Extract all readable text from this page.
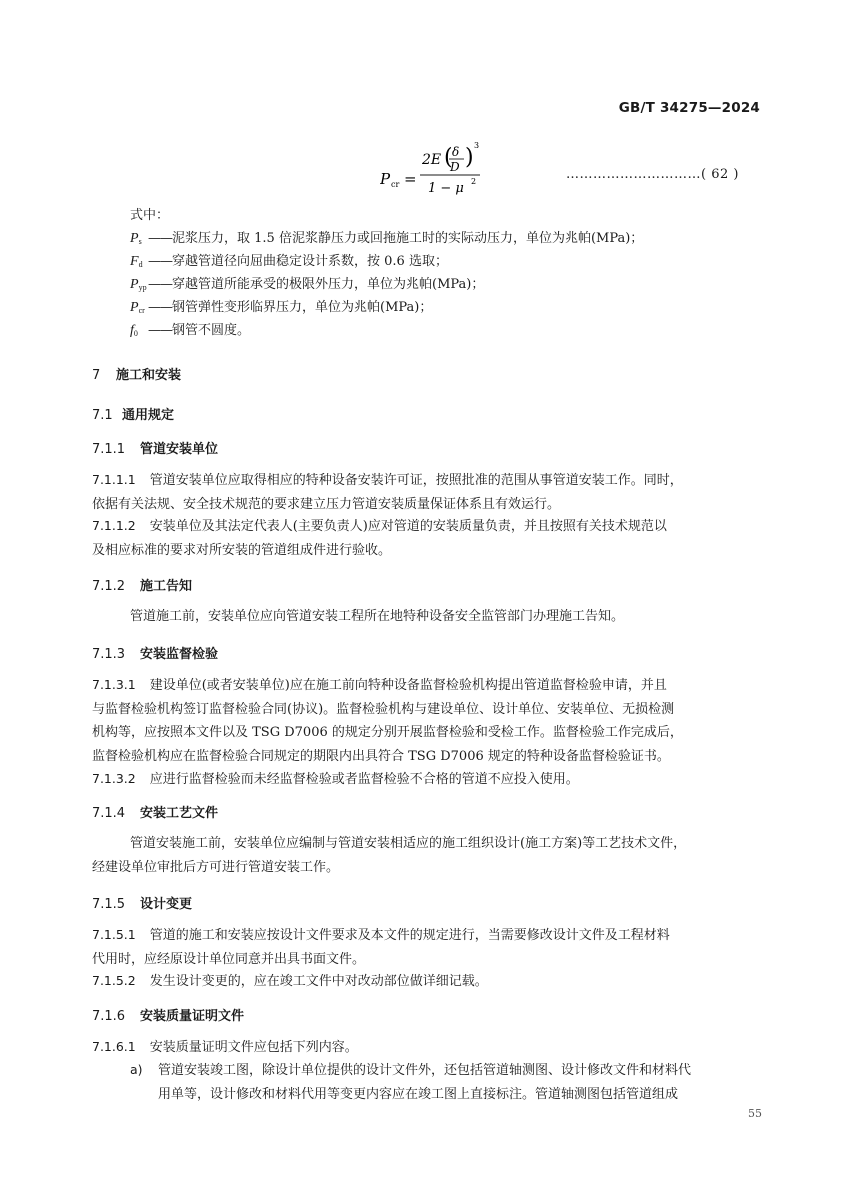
GB/T 34275—2024
P cr =
2E ( δ
D ) 3
1 − μ 2	…………………………( 62 )
式中：
$P_s$ ——泥浆压力，取 1.5 倍泥浆静压力或回拖施工时的实际动压力，单位为兆帕(MPa)；
$F_d$ ——穿越管道径向屈曲稳定设计系数，按 0.6 选取；
$P_{yp}——$穿越管道所能承受的极限外压力，单位为兆帕(MPa)；
$P_{cr}$ ——钢管弹性变形临界压力，单位为兆帕(MPa)；
$f_0$ ——钢管不圆度。
7 施工和安装
7.1 通用规定
7.1.1 管道安装单位
7.1.1.1 管道安装单位应取得相应的特种设备安装许可证，按照批准的范围从事管道安装工作。同时，
依据有关法规、安全技术规范的要求建立压力管道安装质量保证体系且有效运行。
7.1.1.2 安装单位及其法定代表人(主要负责人)应对管道的安装质量负责，并且按照有关技术规范以
及相应标准的要求对所安装的管道组成件进行验收。
7.1.2 施工告知
管道施工前，安装单位应向管道安装工程所在地特种设备安全监管部门办理施工告知。
7.1.3 安装监督检验
7.1.3.1 建设单位(或者安装单位)应在施工前向特种设备监督检验机构提出管道监督检验申请，并且
与监督检验机构签订监督检验合同(协议)。监督检验机构与建设单位、设计单位、安装单位、无损检测
机构等，应按照本文件以及 TSG D7006 的规定分别开展监督检验和受检工作。监督检验工作完成后，
监督检验机构应在监督检验合同规定的期限内出具符合 TSG D7006 规定的特种设备监督检验证书。
7.1.3.2 应进行监督检验而未经监督检验或者监督检验不合格的管道不应投入使用。
7.1.4 安装工艺文件
管道安装施工前，安装单位应编制与管道安装相适应的施工组织设计(施工方案)等工艺技术文件，
经建设单位审批后方可进行管道安装工作。
7.1.5 设计变更
7.1.5.1 管道的施工和安装应按设计文件要求及本文件的规定进行，当需要修改设计文件及工程材料
代用时，应经原设计单位同意并出具书面文件。
7.1.5.2 发生设计变更的，应在竣工文件中对改动部位做详细记载。
7.1.6 安装质量证明文件
7.1.6.1 安装质量证明文件应包括下列内容。
a) 管道安装竣工图，除设计单位提供的设计文件外，还包括管道轴测图、设计修改文件和材料代
用单等，设计修改和材料代用等变更内容应在竣工图上直接标注。管道轴测图包括管道组成
55
